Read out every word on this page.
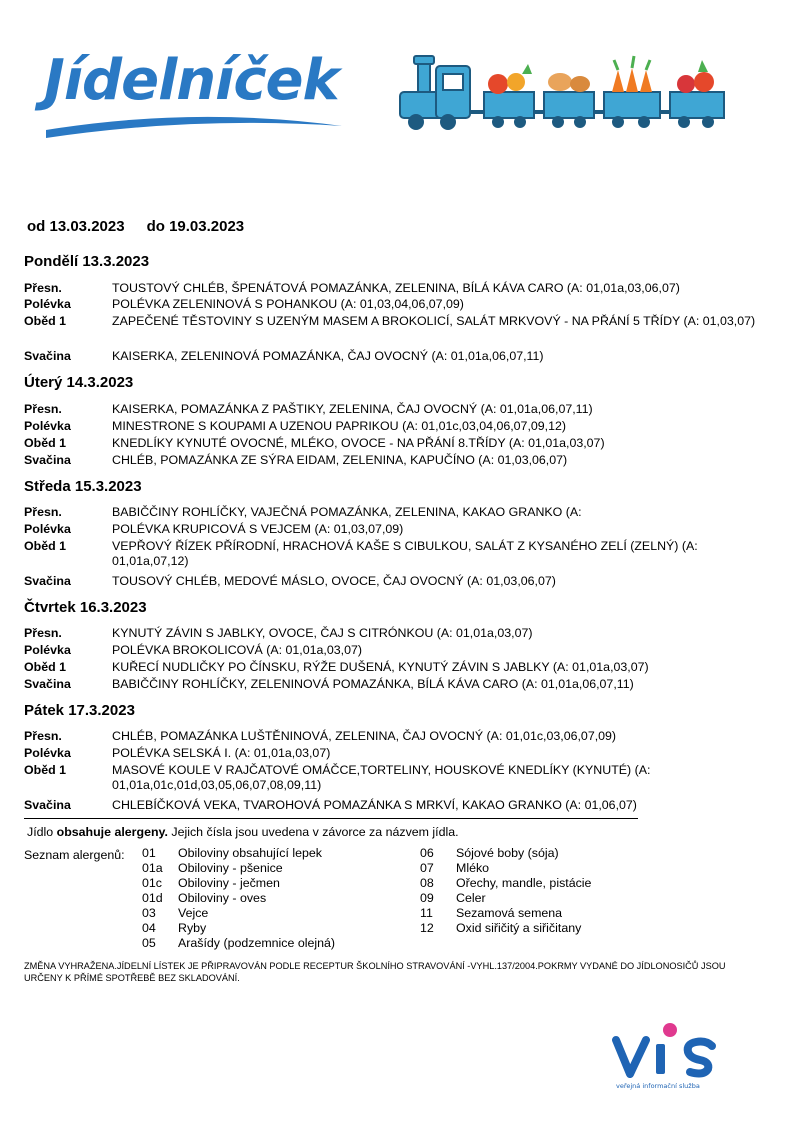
Jídelníček
od 13.03.2023 do 19.03.2023
Pondělí 13.3.2023
Přesn.	TOUSTOVÝ CHLÉB, ŠPENÁTOVÁ POMAZÁNKA, ZELENINA, BÍLÁ KÁVA CARO (A: 01,01a,03,06,07)
Polévka	POLÉVKA ZELENINOVÁ S POHANKOU (A: 01,03,04,06,07,09)
Oběd 1	ZAPEČENÉ TĚSTOVINY S UZENÝM MASEM A BROKOLICÍ, SALÁT MRKVOVÝ - NA PŘÁNÍ 5 TŘÍDY (A: 01,03,07)
Svačina	KAISERKA, ZELENINOVÁ POMAZÁNKA, ČAJ OVOCNÝ (A: 01,01a,06,07,11)
Úterý 14.3.2023
Přesn.	KAISERKA, POMAZÁNKA Z PAŠTIKY, ZELENINA, ČAJ OVOCNÝ (A: 01,01a,06,07,11)
Polévka	MINESTRONE S KOUPAMI A UZENOU PAPRIKOU (A: 01,01c,03,04,06,07,09,12)
Oběd 1	KNEDLÍKY KYNUTÉ OVOCNÉ, MLÉKO, OVOCE - NA PŘÁNÍ 8.TŘÍDY (A: 01,01a,03,07)
Svačina	CHLÉB, POMAZÁNKA ZE SÝRA EIDAM, ZELENINA, KAPUČÍNO (A: 01,03,06,07)
Středa 15.3.2023
Přesn.	BABIČČINY ROHLÍČKY, VAJEČNÁ POMAZÁNKA, ZELENINA, KAKAO GRANKO (A:
Polévka	POLÉVKA KRUPICOVÁ S VEJCEM (A: 01,03,07,09)
Oběd 1	VEPŘOVÝ ŘÍZEK PŘÍRODNÍ, HRACHOVÁ KAŠE S CIBULKOU, SALÁT Z KYSANÉHO ZELÍ (ZELNÝ) (A: 01,01a,07,12)
Svačina	TOUSOVÝ CHLÉB, MEDOVÉ MÁSLO, OVOCE, ČAJ OVOCNÝ (A: 01,03,06,07)
Čtvrtek 16.3.2023
Přesn.	KYNUTÝ ZÁVIN S JABLKY, OVOCE, ČAJ S CITRÓNKOU (A: 01,01a,03,07)
Polévka	POLÉVKA BROKOLICOVÁ (A: 01,01a,03,07)
Oběd 1	KUŘECÍ NUDLIČKY PO ČÍNSKU, RÝŽE DUŠENÁ, KYNUTÝ ZÁVIN S JABLKY (A: 01,01a,03,07)
Svačina	BABIČČINY ROHLÍČKY, ZELENINOVÁ POMAZÁNKA, BÍLÁ KÁVA CARO (A: 01,01a,06,07,11)
Pátek 17.3.2023
Přesn.	CHLÉB, POMAZÁNKA LUŠTĚNINOVÁ, ZELENINA, ČAJ OVOCNÝ (A: 01,01c,03,06,07,09)
Polévka	POLÉVKA SELSKÁ I. (A: 01,01a,03,07)
Oběd 1	MASOVÉ KOULE V RAJČATOVÉ OMÁČCE,TORTELINY, HOUSKOVÉ KNEDLÍKY (KYNUTÉ) (A: 01,01a,01c,01d,03,05,06,07,08,09,11)
Svačina	CHLEBÍČKOVÁ VEKA, TVAROHOVÁ POMAZÁNKA S MRKVÍ, KAKAO GRANKO (A: 01,06,07)
Jídlo obsahuje alergeny. Jejich čísla jsou uvedena v závorce za názvem jídla.
Seznam alergenů: 01	Obiloviny obsahující lepek
01a	Obiloviny - pšenice
01c	Obiloviny - ječmen
01d	Obiloviny - oves
03	Vejce
04	Ryby
05	Arašídy (podzemnice olejná)
06	Sójové boby (sója)
07	Mléko
08	Ořechy, mandle, pistácie
09	Celer
11	Sezamová semena
12	Oxid siřičitý a siřičitany
ZMĚNA VYHRAŽENA.JÍDELNÍ LÍSTEK JE PŘIPRAVOVÁN PODLE RECEPTUR ŠKOLNÍHO STRAVOVÁNÍ -VYHL.137/2004.POKRMY VYDANÉ DO JÍDLONOSIČŮ JSOU URČENY K PŘÍMÉ SPOTŘEBĚ BEZ SKLADOVÁNÍ.
veřejná informační služba
